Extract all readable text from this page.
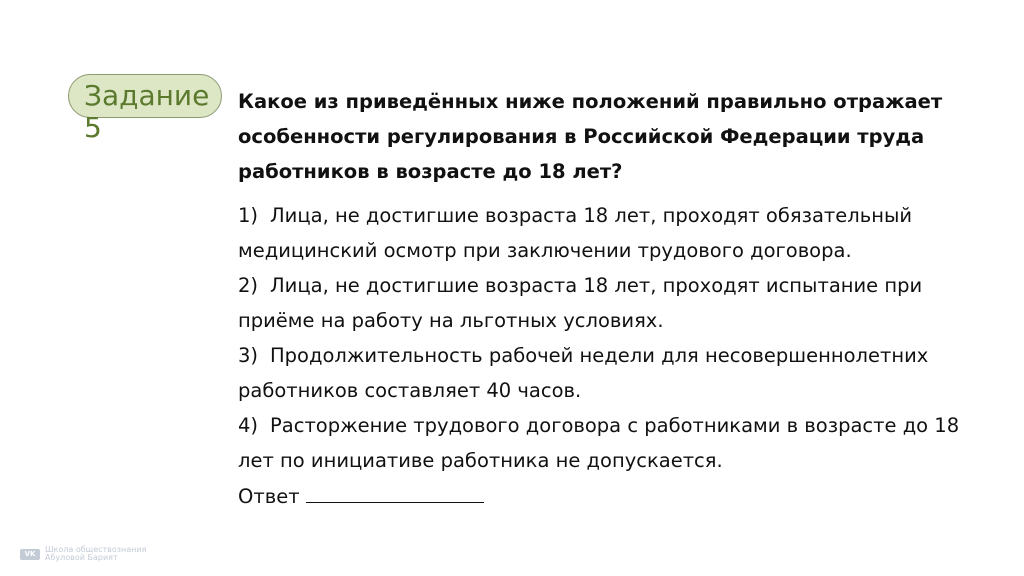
Задание 5

Какое из приведённых ниже положений правильно отражает особенности регулирования в Российской Федерации труда работников в возрасте до 18 лет?

1) Лица, не достигшие возраста 18 лет, проходят обязательный медицинский осмотр при заключении трудового договора.
2) Лица, не достигшие возраста 18 лет, проходят испытание при приёме на работу на льготных условиях.
3) Продолжительность рабочей недели для несовершеннолетних работников составляет 40 часов.
4) Расторжение трудового договора с работниками в возрасте до 18 лет по инициативе работника не допускается.
Ответ
VK	Школа обществознания
Абуловой Барият
